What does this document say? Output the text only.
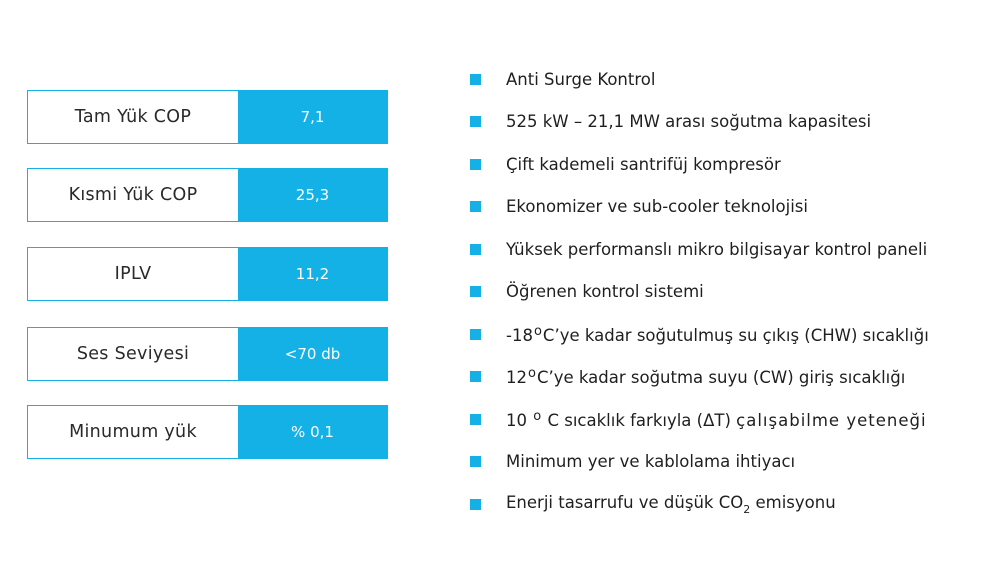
Tam Yük COP	7,1
Kısmi Yük COP	25,3
IPLV	11,2
Ses Seviyesi	<70 db
Minumum yük	% 0,1
Anti Surge Kontrol
525 kW – 21,1 MW arası soğutma kapasitesi
Çift kademeli santrifüj kompresör
Ekonomizer ve sub-cooler teknolojisi
Yüksek performanslı mikro bilgisayar kontrol paneli
Öğrenen kontrol sistemi
-18$^o$C’ye kadar soğutulmuş su çıkış (CHW) sıcaklığı
12$^o$C’ye kadar soğutma suyu (CW) giriş sıcaklığı
10 $^o$ C sıcaklık farkıyla (ΔT) çalışabilme yeteneği
Minimum yer ve kablolama ihtiyacı
Enerji tasarrufu ve düşük $CO_2$ emisyonu
